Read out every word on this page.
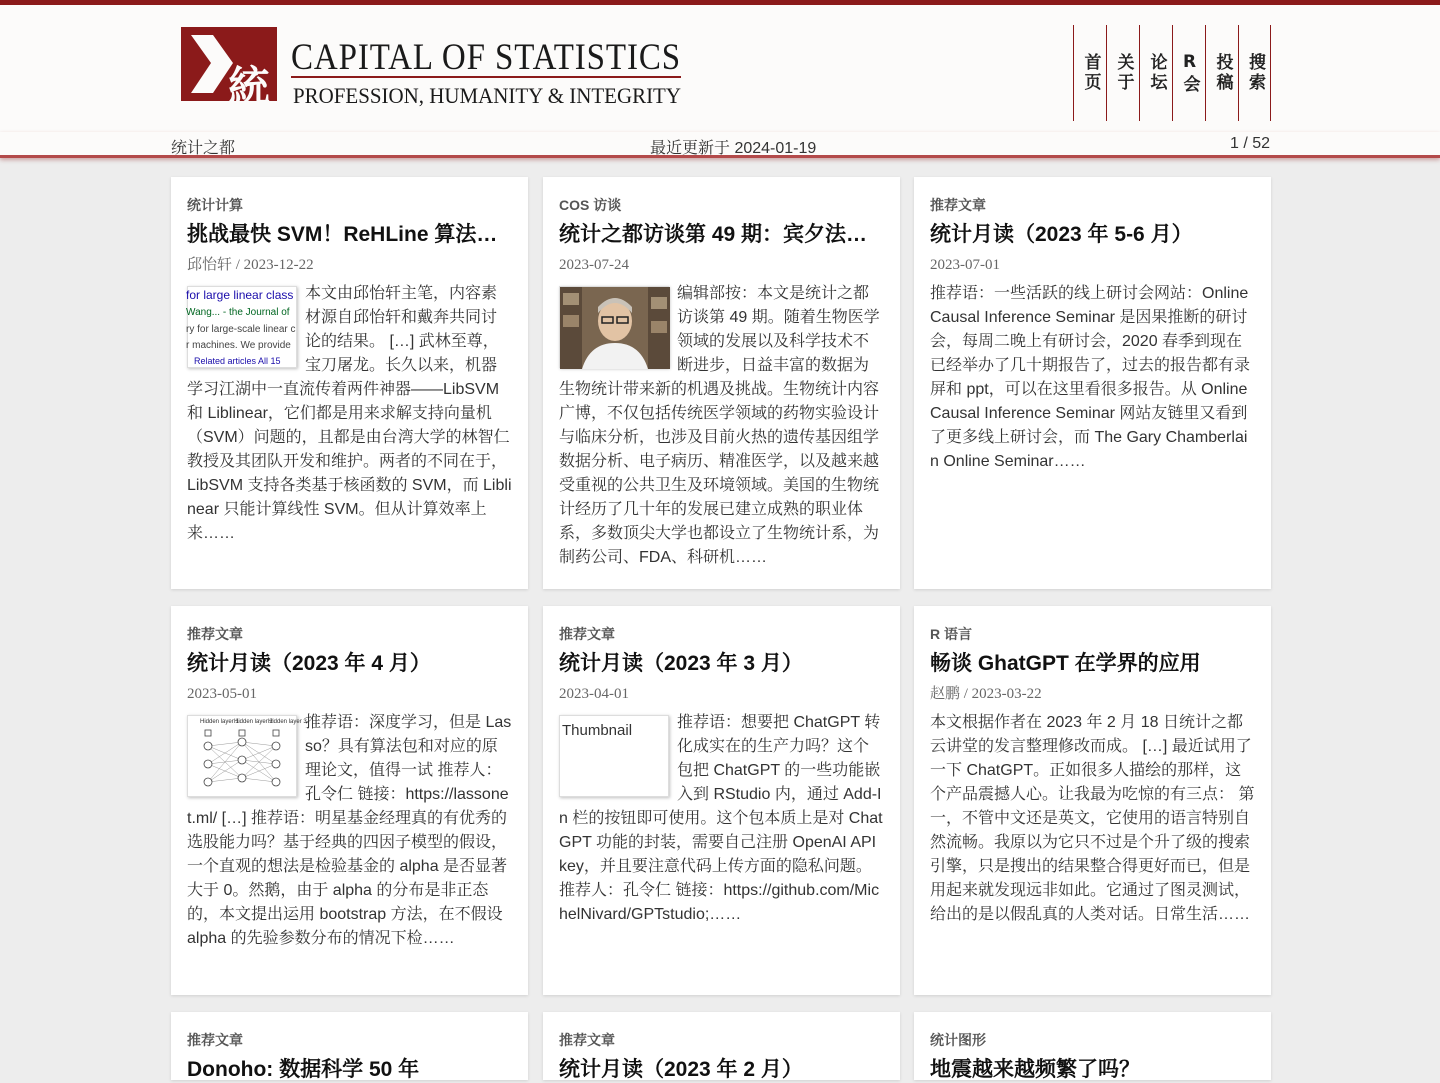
統
CAPITAL OF STATISTICS
PROFESSION, HUMANITY & INTEGRITY
首页 关于 论坛 R会 投稿 搜索
统计之都	最近更新于 2024-01-19	1 / 52
统计计算
挑战最快 SVM！ReHLine 算法…
邱怡轩 / 2023-12-22
for large linear class
Wang... - the Journal of
ry for large-scale linear c
r machines. We provide
Related articles All 15
本文由邱怡轩主笔，内容素材源自邱怡轩和戴奔共同讨论的结果。 […] 武林至尊，宝刀屠龙。长久以来，机器学习江湖中一直流传着两件神器——LibSVM 和 Liblinear，它们都是用来求解支持向量机（SVM）问题的，且都是由台湾大学的林智仁教授及其团队开发和维护。两者的不同在于，LibSVM 支持各类基于核函数的 SVM，而 Liblinear 只能计算线性 SVM。但从计算效率上来……
COS 访谈
统计之都访谈第 49 期：宾夕法…
2023-07-24
编辑部按：本文是统计之都访谈第 49 期。随着生物医学领域的发展以及科学技术不断进步，日益丰富的数据为生物统计带来新的机遇及挑战。生物统计内容广博，不仅包括传统医学领域的药物实验设计与临床分析，也涉及目前火热的遗传基因组学数据分析、电子病历、精准医学，以及越来越受重视的公共卫生及环境领域。美国的生物统计经历了几十年的发展已建立成熟的职业体系，多数顶尖大学也都设立了生物统计系，为制药公司、FDA、科研机……
推荐文章
统计月读（2023 年 5-6 月）
2023-07-01
推荐语：一些活跃的线上研讨会网站：Online Causal Inference Seminar 是因果推断的研讨会，每周二晚上有研讨会，2020 春季到现在已经举办了几十期报告了，过去的报告都有录屏和 ppt，可以在这里看很多报告。从 Online Causal Inference Seminar 网站友链里又看到了更多线上研讨会，而 The Gary Chamberlain Online Seminar……
推荐文章
统计月读（2023 年 4 月）
2023-05-01
Hidden layer 1
Hidden layer 2
Hidden layer 3
推荐语：深度学习，但是 Lasso？具有算法包和对应的原理论文，值得一试 推荐人：孔令仁 链接：https://lassonet.ml/ […] 推荐语：明星基金经理真的有优秀的选股能力吗？基于经典的四因子模型的假设，一个直观的想法是检验基金的 alpha 是否显著大于 0。然鹅，由于 alpha 的分布是非正态的，本文提出运用 bootstrap 方法，在不假设 alpha 的先验参数分布的情况下检……
推荐文章
统计月读（2023 年 3 月）
2023-04-01
Thumbnail	推荐语：想要把 ChatGPT 转化成实在的生产力吗？这个包把 ChatGPT 的一些功能嵌入到 RStudio 内，通过 Add-In 栏的按钮即可使用。这个包本质上是对 ChatGPT 功能的封装，需要自己注册 OpenAI API key，并且要注意代码上传方面的隐私问题。 推荐人：孔令仁 链接：https://github.com/MichelNivard/GPTstudio;……
R 语言
畅谈 GhatGPT 在学界的应用
赵鹏 / 2023-03-22
本文根据作者在 2023 年 2 月 18 日统计之都云讲堂的发言整理修改而成。 […] 最近试用了一下 ChatGPT。正如很多人描绘的那样，这个产品震撼人心。让我最为吃惊的有三点： 第一，不管中文还是英文，它使用的语言特别自然流畅。我原以为它只不过是个升了级的搜索引擎，只是搜出的结果整合得更好而已，但是用起来就发现远非如此。它通过了图灵测试，给出的是以假乱真的人类对话。日常生活……
推荐文章
Donoho: 数据科学 50 年
推荐文章
统计月读（2023 年 2 月）
统计图形
地震越来越频繁了吗？
